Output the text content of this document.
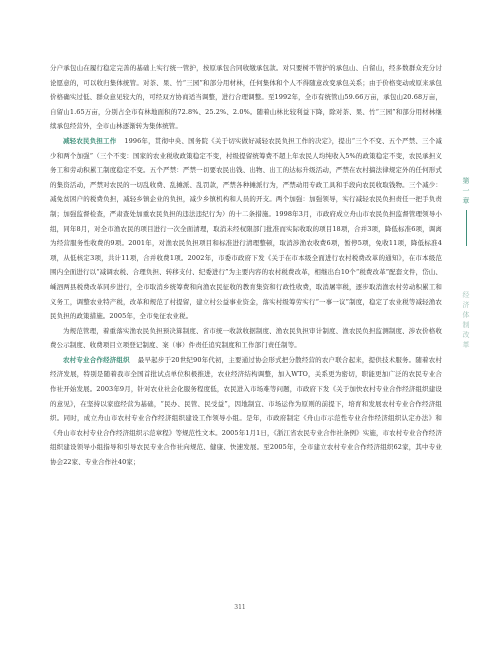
分户承包山在履行稳定完善的基础上实行统一管护，按原承包合同收缴承包款。对只要树不管护的承包山、自留山，经多数群众充分讨论愿意的，可以收归集体统管。对茶、果、竹“三园”和部分用材林，任何集体和个人不得随意改变承包关系；由于价格变动或原来承包价格确实过低、群众意见较大的，可经双方协商适当调整，进行合理调整。至1992年，全市有统管山59.66万亩，承包山20.68万亩，自留山1.65万亩，分别占全市有林地面积的72.8%、25.2%、2.0%。随着山林比较利益下降，除对茶、果、竹“三园”和部分用材林继续承包经营外，全市山林逐渐转为集体统管。

减轻农民负担工作 1996年，贯彻中央、国务院《关于切实做好减轻农民负担工作的决定》，提出“三个不变、五个严禁、三个减少和两个加强”（三个不变：国家的农业税收政策稳定不变，村级提留统筹费不超上年农民人均纯收入5%的政策稳定不变，农民承担义务工和劳动积累工制度稳定不变。五个严禁：严禁一切要农民出钱、出物、出工的达标升级活动，严禁在农村搞法律规定外的任何形式的集资活动，严禁对农民的一切乱收费、乱摊派、乱罚款，严禁各种摊派行为，严禁动用专政工具和手段向农民收取钱物。三个减少：减免贫困户的税费负担，减轻乡镇企业的负担，减少乡镇机构和人员的开支。两个加强：加强领导，实行减轻农民负担责任一把手负责制；加强监督检查，严肃查处加重农民负担的违法违纪行为）的十二条措施。1998年3月，市政府成立舟山市农民负担监督管理领导小组，同年8月，对全市渔农民的项目进行一次全面清理，取消未经权限部门批准而实际收取的项目18项，合并3项，降低标准6项，调离为经营服务性收费的9项。2001年，对渔农民负担项目和标准进行清理整顿，取消涉渔农收费6项，暂停5项，免收11项，降低标准4项，从低核定3项，共计11项，合并收费1项。2002年，市委市政府下发《关于在市本级全面进行农村税费改革的通知》，在市本级范围内全面进行以“减调农税、合理负担、转移支付、纪委进行”为主要内容的农村税费改革，相继出台10个“税费改革”配套文件，岱山、嵊泗两县税费改革同步进行，全市取消乡统筹费和向渔农民征收的教育集资和行政性收费，取消屠宰税，逐步取消渔农村劳动积累工和义务工，调整农业特产税，改革和规范了村提留，建立村公益事业资金，落实村级筹劳实行“一事一议”制度，稳定了农业税等减轻渔农民负担的政策措施。2005年，全市免征农业税。

为规范管理，着重落实渔农民负担预决算制度、省市统一收款收据制度、渔农民负担审计制度、渔农民负担监测制度、涉农价格收费公示制度、收费项目立项登记制度、案（事）件责任追究制度和工作部门责任制等。

农村专业合作经济组织 最早起步于20世纪90年代初，主要通过协会形式把分散经营的农户联合起来，提供技术服务。随着农村经济发展，特别是随着我市全国首批试点单位积极推进，农业经济结构调整，加入WTO，关系更为密切，职能更加广泛的农民专业合作社开始发展。2003年9月，针对农业社会化服务程度低，农民进入市场难等问题，市政府下发《关于加快农村专业合作经济组织建设的意见》，在坚持以家庭经营为基础，“民办、民管、民受益”，因地制宜、市场运作为原则的前提下，培育和发展农村专业合作经济组织。同时，成立舟山市农村专业合作经济组织建设工作领导小组。是年，市政府制定《舟山市示范性专业合作经济组织认定办法》和《舟山市农村专业合作经济组织示范章程》等规范性文本。2005年1月1日，《浙江省农民专业合作社条例》实施，市农村专业合作经济组织建设领导小组指导和引导农民专业合作社向规范、健康、快速发展。至2005年，全市建立农村专业合作经济组织62家，其中专业协会22家、专业合作社40家；

第
一
章
经
济
体
制
改
革
311
